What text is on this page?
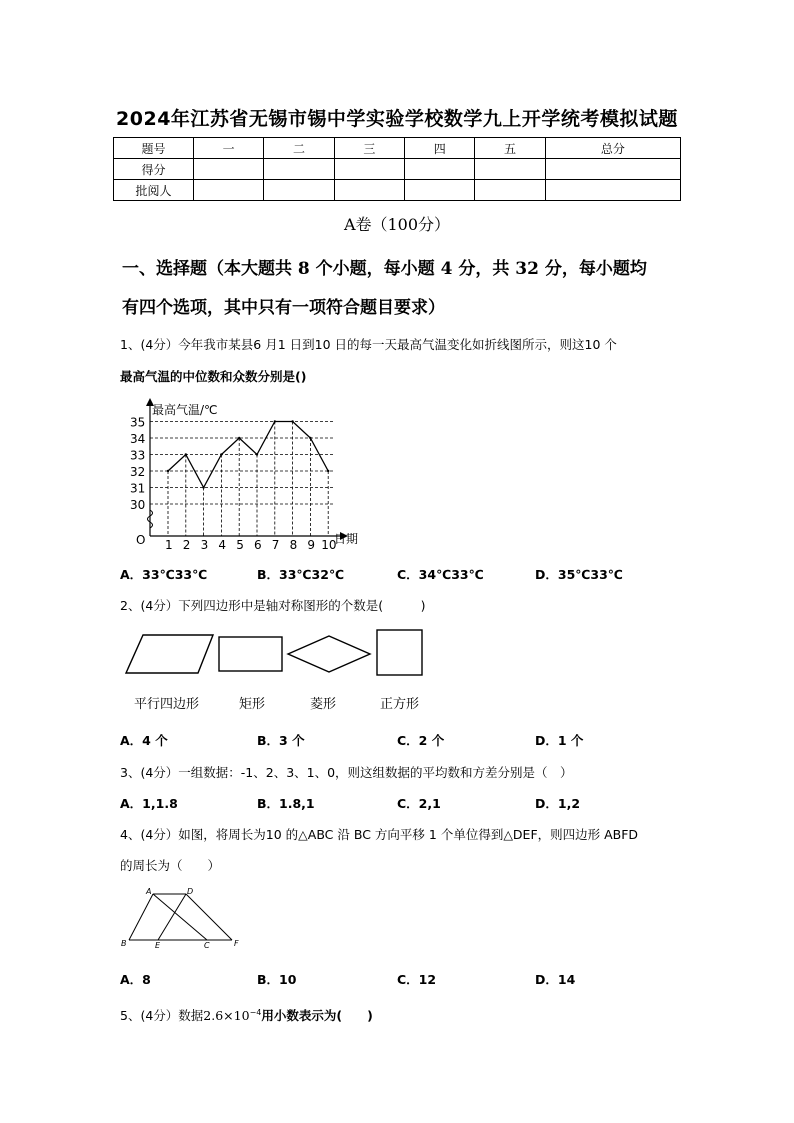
2024年江苏省无锡市锡中学实验学校数学九上开学统考模拟试题
题号	一	二	三	四	五	总分
得分						
批阅人						
A卷（100分）
一、选择题（本大题共 8 个小题，每小题 4 分，共 32 分，每小题均
有四个选项，其中只有一项符合题目要求）
1、(4分）今年我市某县6 月1 日到10 日的每一天最高气温变化如折线图所示，则这10 个
最高气温的中位数和众数分别是()
30
31
32
33
34
35
1 2 3 4 5 6 7 8 9 10
最高气温/℃
日期
O
A．33℃33℃	B．33℃32℃	C．34℃33℃	D．35℃33℃
2、(4分）下列四边形中是轴对称图形的个数是(　　　)
平行四边形	矩形	菱形	正方形
A．4 个	B．3 个	C．2 个	D．1 个
3、(4分）一组数据：-1、2、3、1、0，则这组数据的平均数和方差分别是（　）
A．1,1.8	B．1.8,1	C．2,1	D．1,2
4、(4分）如图，将周长为10 的△ABC 沿 BC 方向平移 1 个单位得到△DEF，则四边形 ABFD
的周长为（　　）
A	D
B	E	C	F
A．8	B．10	C．12	D．14
5、(4分）数据$2.6\times 10^{-4}$用小数表示为(　　)
